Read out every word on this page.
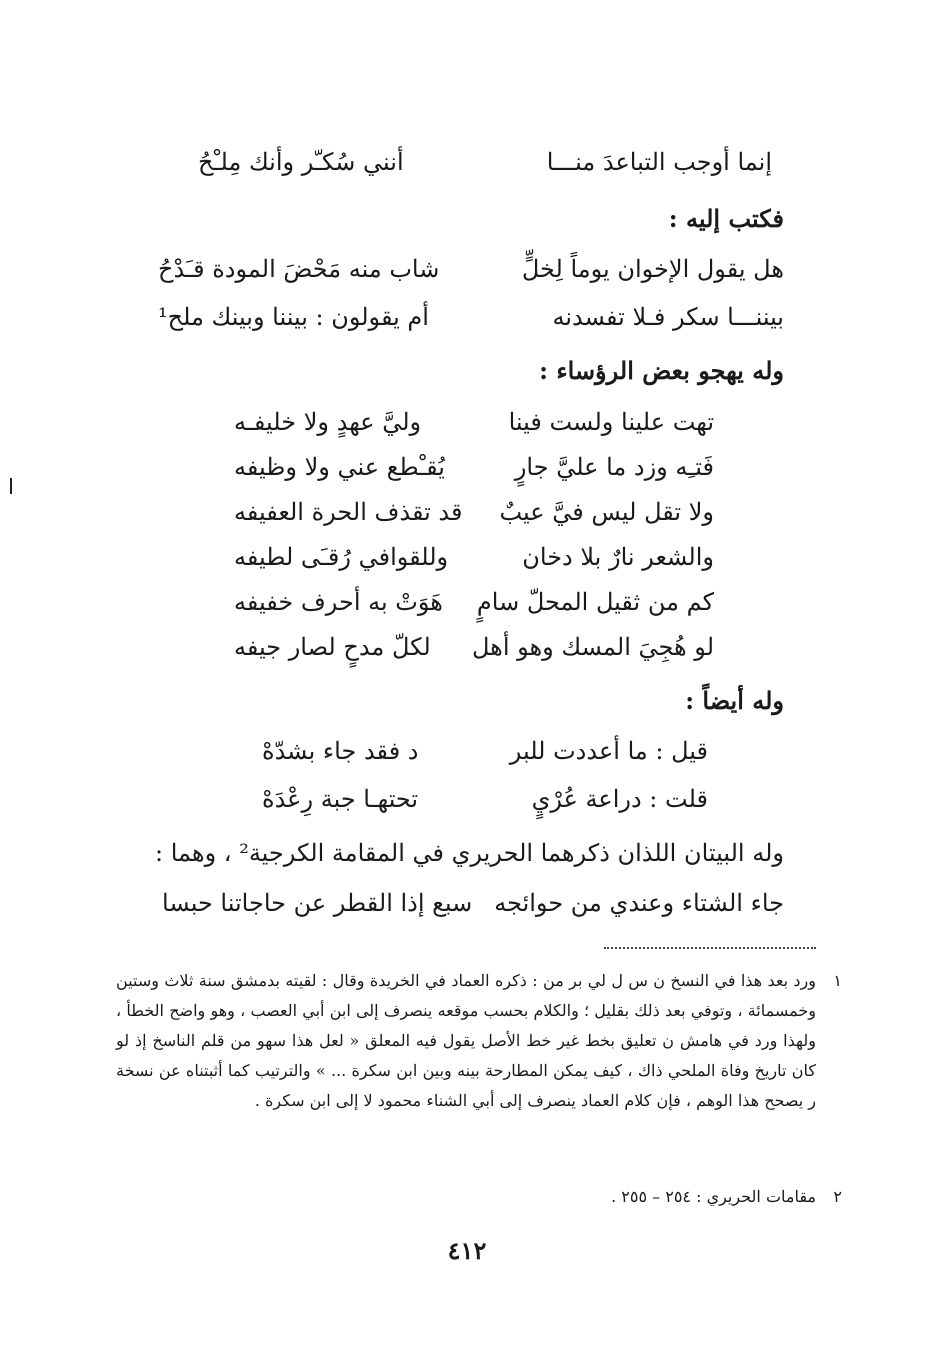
إنما أوجب التباعدَ منـــا
أنني سُكـّر وأنك مِلـْحُ
فكتب إليه :
هل يقول الإخوان يوماً لِخلٍّ
شاب منه مَحْضَ المودة قـَدْحُ
بيننـــا سكر فـلا تفسدنه
أم يقولون : بيننا وبينك ملح¹
وله يهجو بعض الرؤساء :
تهت علينا ولست فينا
وليَّ عهدٍ ولا خليفـه
فَتـِه وزد ما عليَّ جارٍ
يُقـْطع عني ولا وظيفه
ولا تقل ليس فيَّ عيبٌ
قد تقذف الحرة العفيفه
والشعر نارٌ بلا دخان
وللقوافي رُقـَى لطيفه
كم من ثقيل المحلّ سامٍ
هَوَتْ به أحرف خفيفه
لو هُجِيَ المسك وهو أهل
لكلّ مدحٍ لصار جيفه
وله أيضاً :
قيل : ما أعددت للبر
د فقد جاء بشدّهْ
قلت : دراعة عُرْيٍ
تحتهـا جبة رِعْدَهْ
وله البيتان اللذان ذكرهما الحريري في المقامة الكرجية² ، وهما :
جاء الشتاء وعندي من حوائجه
سبع إذا القطر عن حاجاتنا حبسا
١
ورد بعد هذا في النسخ ن س ل لي بر من : ذكره العماد في الخريدة وقال : لقيته بدمشق سنة ثلاث وستين وخمسمائة ، وتوفي بعد ذلك بقليل ؛ والكلام بحسب موقعه ينصرف إلى ابن أبي العصب ، وهو واضح الخطأ ، ولهذا ورد في هامش ن تعليق بخط غير خط الأصل يقول فيه المعلق « لعل هذا سهو من قلم الناسخ إذ لو كان تاريخ وفاة الملحي ذاك ، كيف يمكن المطارحة بينه وبين ابن سكرة ... » والترتيب كما أثبتناه عن نسخة ر يصحح هذا الوهم ، فإن كلام العماد ينصرف إلى أبي الشناء محمود لا إلى ابن سكرة .
٢
مقامات الحريري : ٢٥٤ – ٢٥٥ .
٤١٢
